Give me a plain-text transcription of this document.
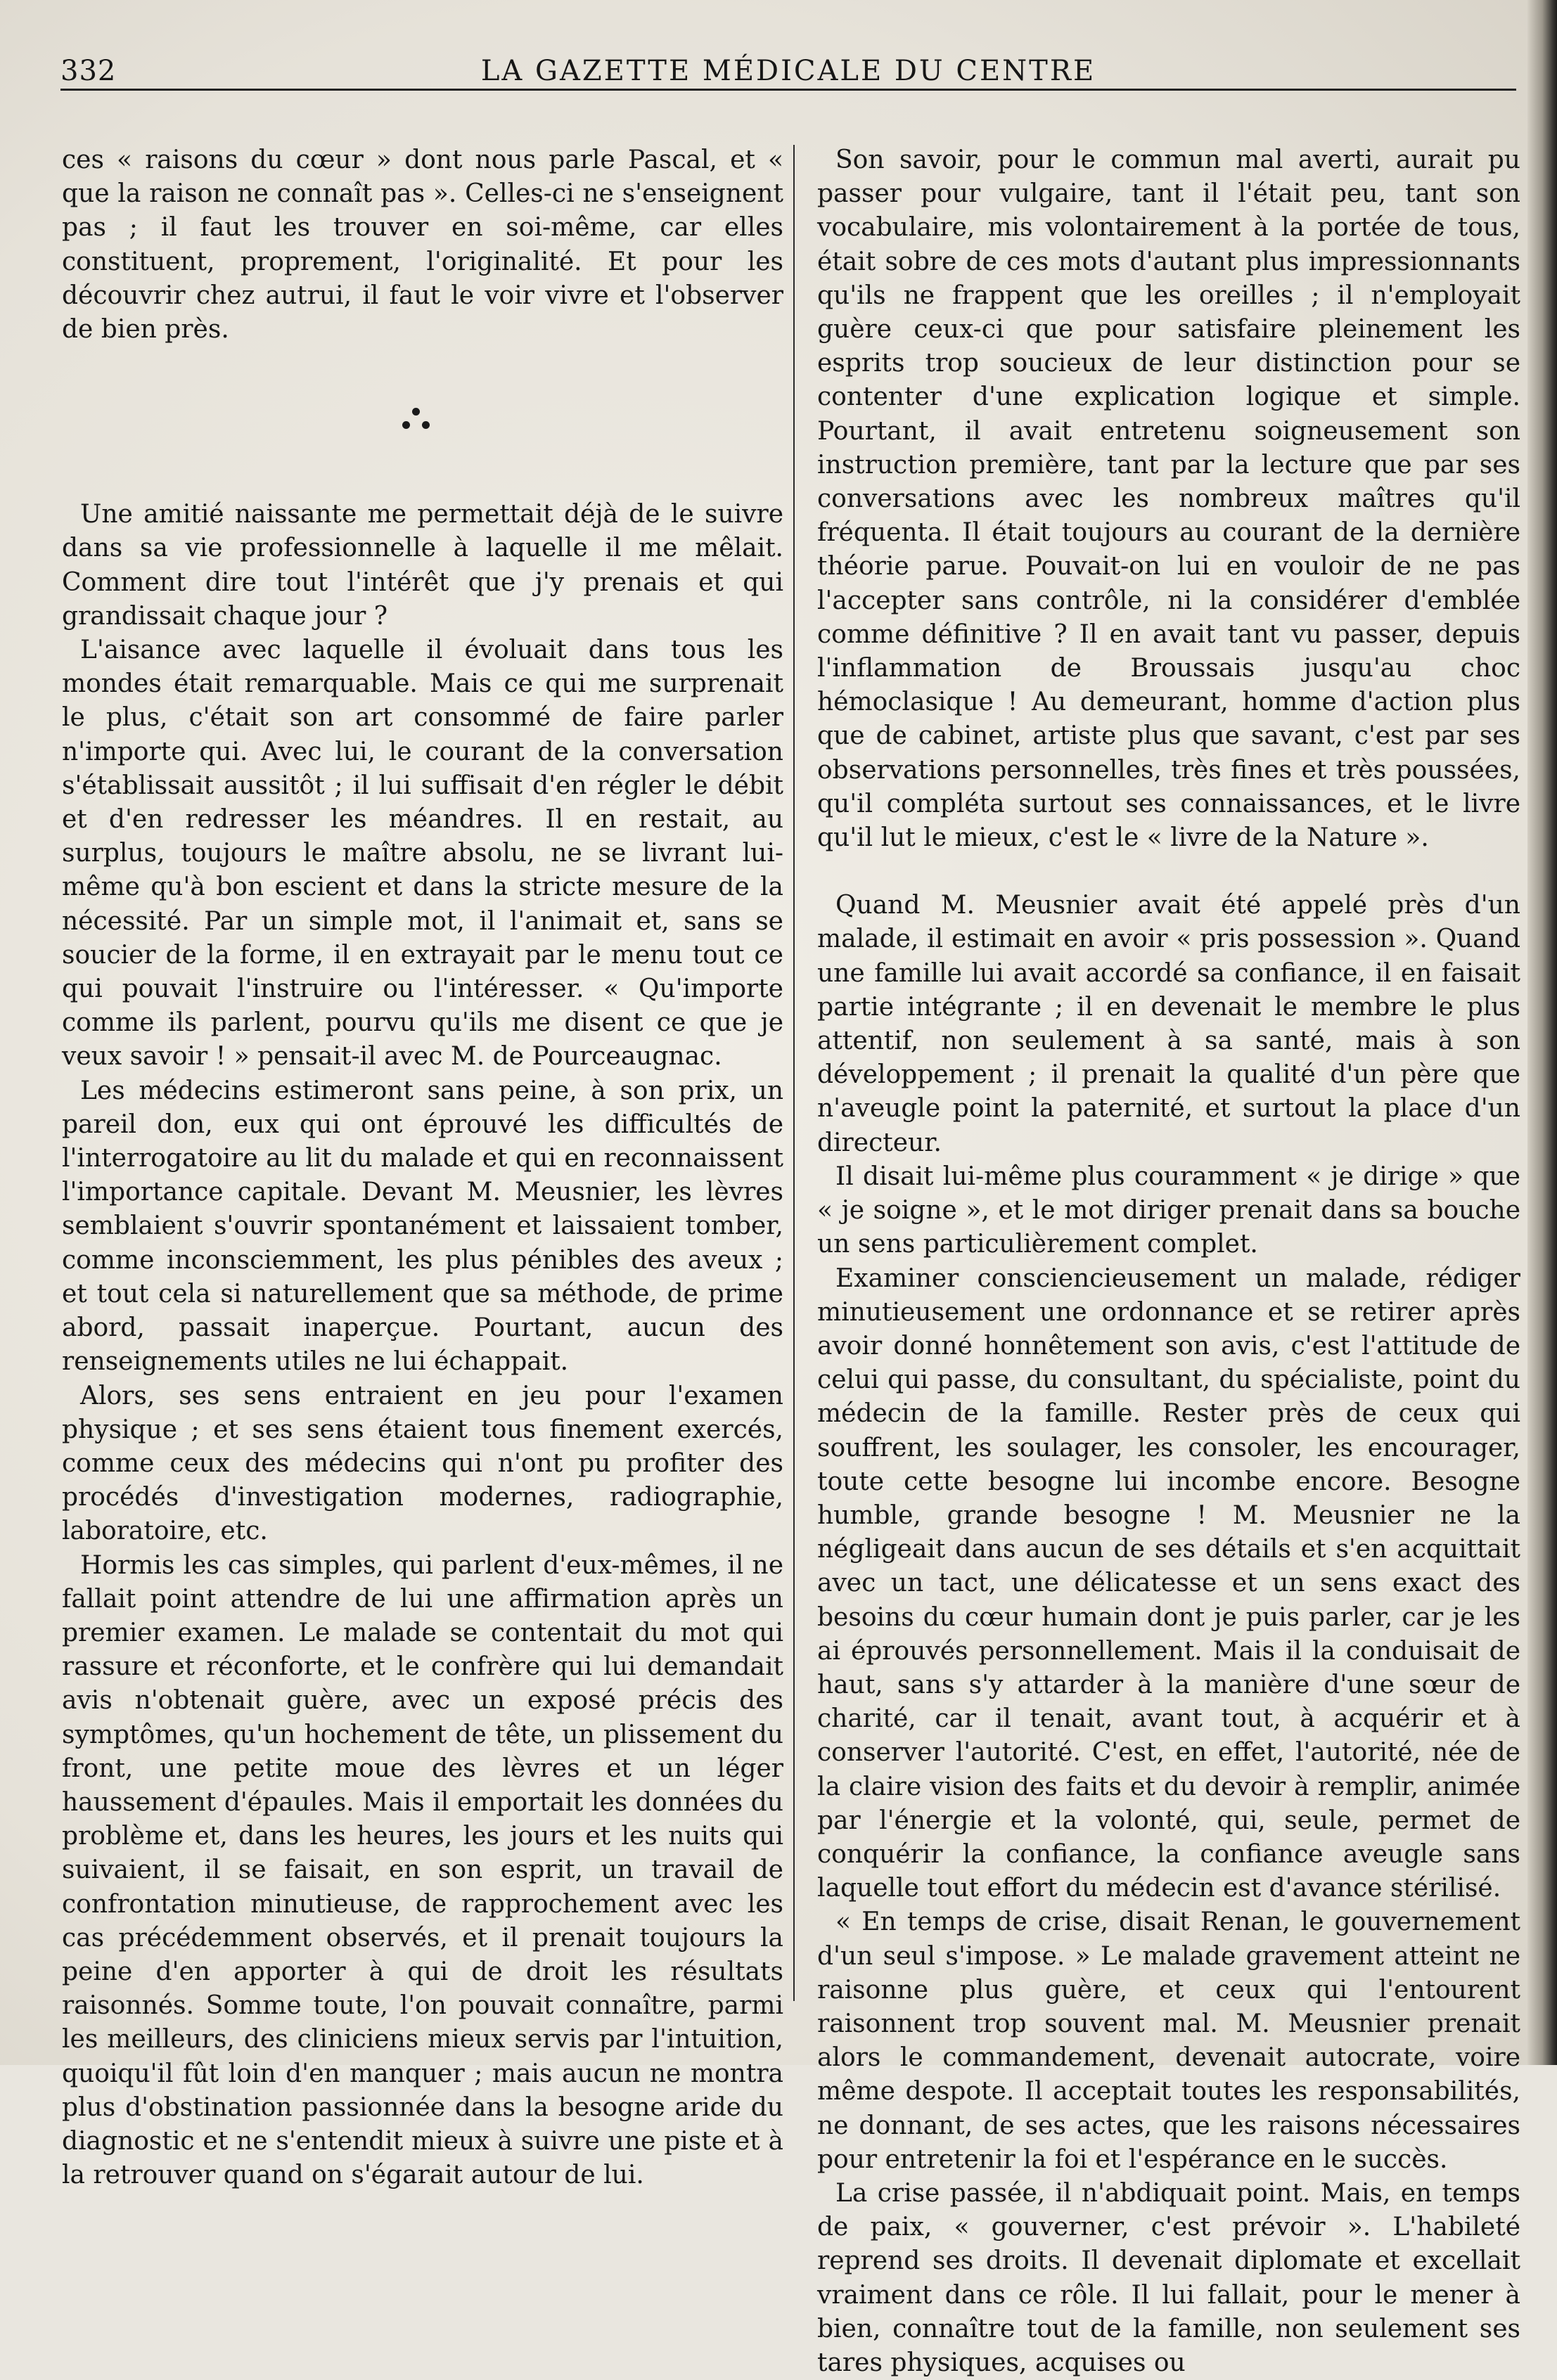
332	LA GAZETTE MÉDICALE DU CENTRE

ces « raisons du cœur » dont nous parle Pascal, et « que la raison ne connaît pas ». Celles-ci ne s'enseignent pas ; il faut les trouver en soi-même, car elles constituent, proprement, l'originalité. Et pour les découvrir chez autrui, il faut le voir vivre et l'observer de bien près.

Une amitié naissante me permettait déjà de le suivre dans sa vie professionnelle à laquelle il me mêlait. Comment dire tout l'intérêt que j'y prenais et qui grandissait chaque jour ?

L'aisance avec laquelle il évoluait dans tous les mondes était remarquable. Mais ce qui me surprenait le plus, c'était son art consommé de faire parler n'importe qui. Avec lui, le courant de la conversation s'établissait aussitôt ; il lui suffisait d'en régler le débit et d'en redresser les méandres. Il en restait, au surplus, toujours le maître absolu, ne se livrant lui-même qu'à bon escient et dans la stricte mesure de la nécessité. Par un simple mot, il l'animait et, sans se soucier de la forme, il en extrayait par le menu tout ce qui pouvait l'instruire ou l'intéresser. « Qu'importe comme ils parlent, pourvu qu'ils me disent ce que je veux savoir ! » pensait-il avec M. de Pourceaugnac.

Les médecins estimeront sans peine, à son prix, un pareil don, eux qui ont éprouvé les difficultés de l'interrogatoire au lit du malade et qui en reconnaissent l'importance capitale. Devant M. Meusnier, les lèvres semblaient s'ouvrir spontanément et laissaient tomber, comme inconsciemment, les plus pénibles des aveux ; et tout cela si naturellement que sa méthode, de prime abord, passait inaperçue. Pourtant, aucun des renseignements utiles ne lui échappait.

Alors, ses sens entraient en jeu pour l'examen physique ; et ses sens étaient tous finement exercés, comme ceux des médecins qui n'ont pu profiter des procédés d'investigation modernes, radiographie, laboratoire, etc.

Hormis les cas simples, qui parlent d'eux-mêmes, il ne fallait point attendre de lui une affirmation après un premier examen. Le malade se contentait du mot qui rassure et réconforte, et le confrère qui lui demandait avis n'obtenait guère, avec un exposé précis des symptômes, qu'un hochement de tête, un plissement du front, une petite moue des lèvres et un léger haussement d'épaules. Mais il emportait les données du problème et, dans les heures, les jours et les nuits qui suivaient, il se faisait, en son esprit, un travail de confrontation minutieuse, de rapprochement avec les cas précédemment observés, et il prenait toujours la peine d'en apporter à qui de droit les résultats raisonnés. Somme toute, l'on pouvait connaître, parmi les meilleurs, des cliniciens mieux servis par l'intuition, quoiqu'il fût loin d'en manquer ; mais aucun ne montra plus d'obstination passionnée dans la besogne aride du diagnostic et ne s'entendit mieux à suivre une piste et à la retrouver quand on s'égarait autour de lui.

Son savoir, pour le commun mal averti, aurait pu passer pour vulgaire, tant il l'était peu, tant son vocabulaire, mis volontairement à la portée de tous, était sobre de ces mots d'autant plus impressionnants qu'ils ne frappent que les oreilles ; il n'employait guère ceux-ci que pour satisfaire pleinement les esprits trop soucieux de leur distinction pour se contenter d'une explication logique et simple. Pourtant, il avait entretenu soigneusement son instruction première, tant par la lecture que par ses conversations avec les nombreux maîtres qu'il fréquenta. Il était toujours au courant de la dernière théorie parue. Pouvait-on lui en vouloir de ne pas l'accepter sans contrôle, ni la considérer d'emblée comme définitive ? Il en avait tant vu passer, depuis l'inflammation de Broussais jusqu'au choc hémoclasique ! Au demeurant, homme d'action plus que de cabinet, artiste plus que savant, c'est par ses observations personnelles, très fines et très poussées, qu'il compléta surtout ses connaissances, et le livre qu'il lut le mieux, c'est le « livre de la Nature ».

Quand M. Meusnier avait été appelé près d'un malade, il estimait en avoir « pris possession ». Quand une famille lui avait accordé sa confiance, il en faisait partie intégrante ; il en devenait le membre le plus attentif, non seulement à sa santé, mais à son développement ; il prenait la qualité d'un père que n'aveugle point la paternité, et surtout la place d'un directeur.

Il disait lui-même plus couramment « je dirige » que « je soigne », et le mot diriger prenait dans sa bouche un sens particulièrement complet.

Examiner consciencieusement un malade, rédiger minutieusement une ordonnance et se retirer après avoir donné honnêtement son avis, c'est l'attitude de celui qui passe, du consultant, du spécialiste, point du médecin de la famille. Rester près de ceux qui souffrent, les soulager, les consoler, les encourager, toute cette besogne lui incombe encore. Besogne humble, grande besogne ! M. Meusnier ne la négligeait dans aucun de ses détails et s'en acquittait avec un tact, une délicatesse et un sens exact des besoins du cœur humain dont je puis parler, car je les ai éprouvés personnellement. Mais il la conduisait de haut, sans s'y attarder à la manière d'une sœur de charité, car il tenait, avant tout, à acquérir et à conserver l'autorité. C'est, en effet, l'autorité, née de la claire vision des faits et du devoir à remplir, animée par l'énergie et la volonté, qui, seule, permet de conquérir la confiance, la confiance aveugle sans laquelle tout effort du médecin est d'avance stérilisé.

« En temps de crise, disait Renan, le gouvernement d'un seul s'impose. » Le malade gravement atteint ne raisonne plus guère, et ceux qui l'entourent raisonnent trop souvent mal. M. Meusnier prenait alors le commandement, devenait autocrate, voire même despote. Il acceptait toutes les responsabilités, ne donnant, de ses actes, que les raisons nécessaires pour entretenir la foi et l'espérance en le succès.

La crise passée, il n'abdiquait point. Mais, en temps de paix, « gouverner, c'est prévoir ». L'habileté reprend ses droits. Il devenait diplomate et excellait vraiment dans ce rôle. Il lui fallait, pour le mener à bien, connaître tout de la famille, non seulement ses tares physiques, acquises ou
